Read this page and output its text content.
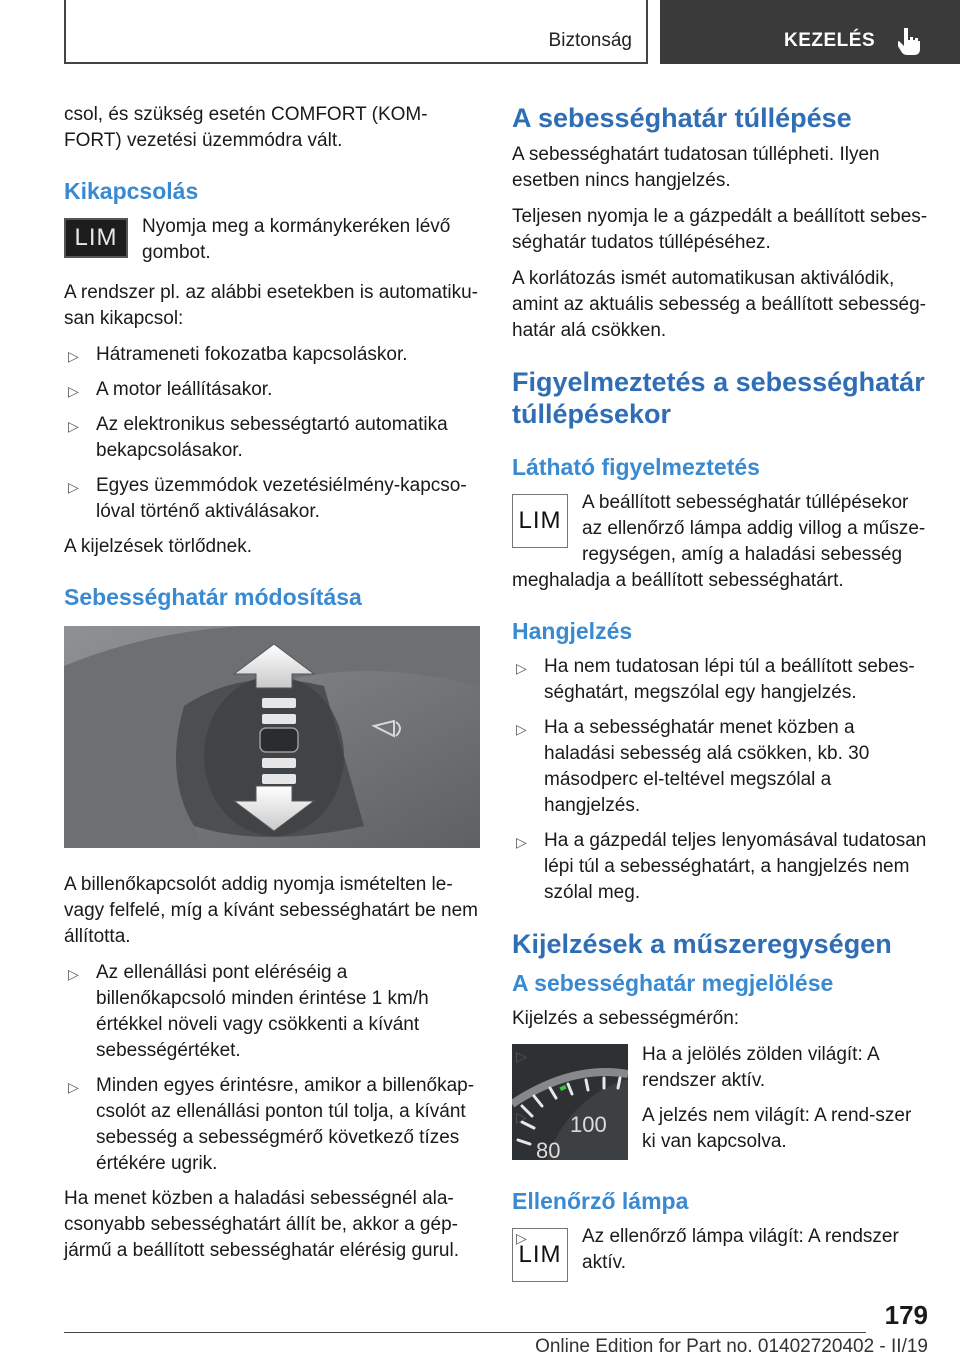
Biztonság	KEZELÉS

csol, és szükség esetén COMFORT (KOM-FORT) vezetési üzemmódra vált.

Kikapcsolás
LIM	Nyomja meg a kormánykeréken lévő gombot.

A rendszer pl. az alábbi esetekben is automatiku-san kikapcsol:

▷ Hátrameneti fokozatba kapcsoláskor.
▷ A motor leállításakor.
▷ Az elektronikus sebességtartó automatika bekapcsolásakor.
▷ Egyes üzemmódok vezetésiélmény-kapcso-lóval történő aktiválásakor.

A kijelzések törlődnek.

Sebességhatár módosítása

A billenőkapcsolót addig nyomja ismételten le-vagy felfelé, míg a kívánt sebességhatárt be nem állította.

▷ Az ellenállási pont eléréséig a billenőkapcsoló minden érintése 1 km/h értékkel növeli vagy csökkenti a kívánt sebességértéket.
▷ Minden egyes érintésre, amikor a billenőkap-csolót az ellenállási ponton túl tolja, a kívánt sebesség a sebességmérő következő tízes értékére ugrik.

Ha menet közben a haladási sebességnél ala-csonyabb sebességhatárt állít be, akkor a gép-jármű a beállított sebességhatár elérésig gurul.

A sebességhatár túllépése

A sebességhatárt tudatosan túllépheti. Ilyen esetben nincs hangjelzés.

Teljesen nyomja le a gázpedált a beállított sebes-séghatár tudatos túllépéséhez.

A korlátozás ismét automatikusan aktiválódik, amint az aktuális sebesség a beállított sebesség-határ alá csökken.

Figyelmeztetés a sebességhatár túllépésekor
Látható figyelmeztetés
LIM
A beállított sebességhatár túllépésekor az ellenőrző lámpa addig villog a műsze-regységen, amíg a haladási sebesség meghaladja a beállított sebességhatárt.
Hangjelzés
▷ Ha nem tudatosan lépi túl a beállított sebes-séghatárt, megszólal egy hangjelzés.
▷ Ha a sebességhatár menet közben a haladási sebesség alá csökken, kb. 30 másodperc el-teltével megszólal a hangjelzés.
▷ Ha a gázpedál teljes lenyomásával tudatosan lépi túl a sebességhatárt, a hangjelzés nem szólal meg.
Kijelzések a műszeregységen
A sebességhatár megjelölése

Kijelzés a sebességmérőn:

100
80
▷	Ha a jelölés zölden világít: A rendszer aktív.
▷	A jelzés nem világít: A rend-szer ki van kapcsolva.
Ellenőrző lámpa
LIM
▷	Az ellenőrző lámpa világít: A rendszer aktív.
179
Online Edition for Part no. 01402720402 - II/19
